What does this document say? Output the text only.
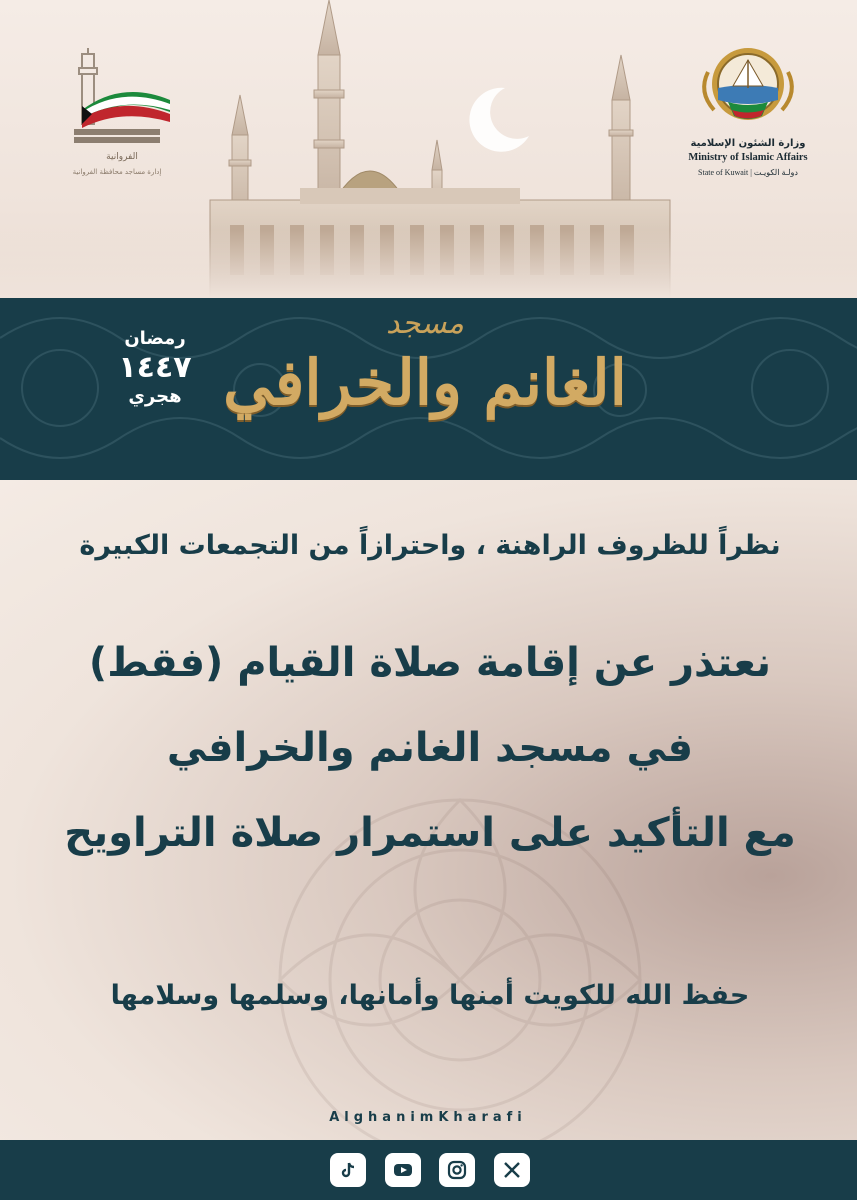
الفروانية
إدارة مساجد محافظة الفروانية
وزارة الشئون الإسلامية
Ministry of Islamic Affairs
State of Kuwait | دولـة الكويـت
مسجد
الغانم والخرافي
رمضان
١٤٤٧
هجري
نظراً للظروف الراهنة ، واحترازاً من التجمعات الكبيرة
نعتذر عن إقامة صلاة القيام (فقط)
في مسجد الغانم والخرافي
مع التأكيد على استمرار صلاة التراويح
حفظ الله للكويت أمنها وأمانها، وسلمها وسلامها
AlghanimKharafi
